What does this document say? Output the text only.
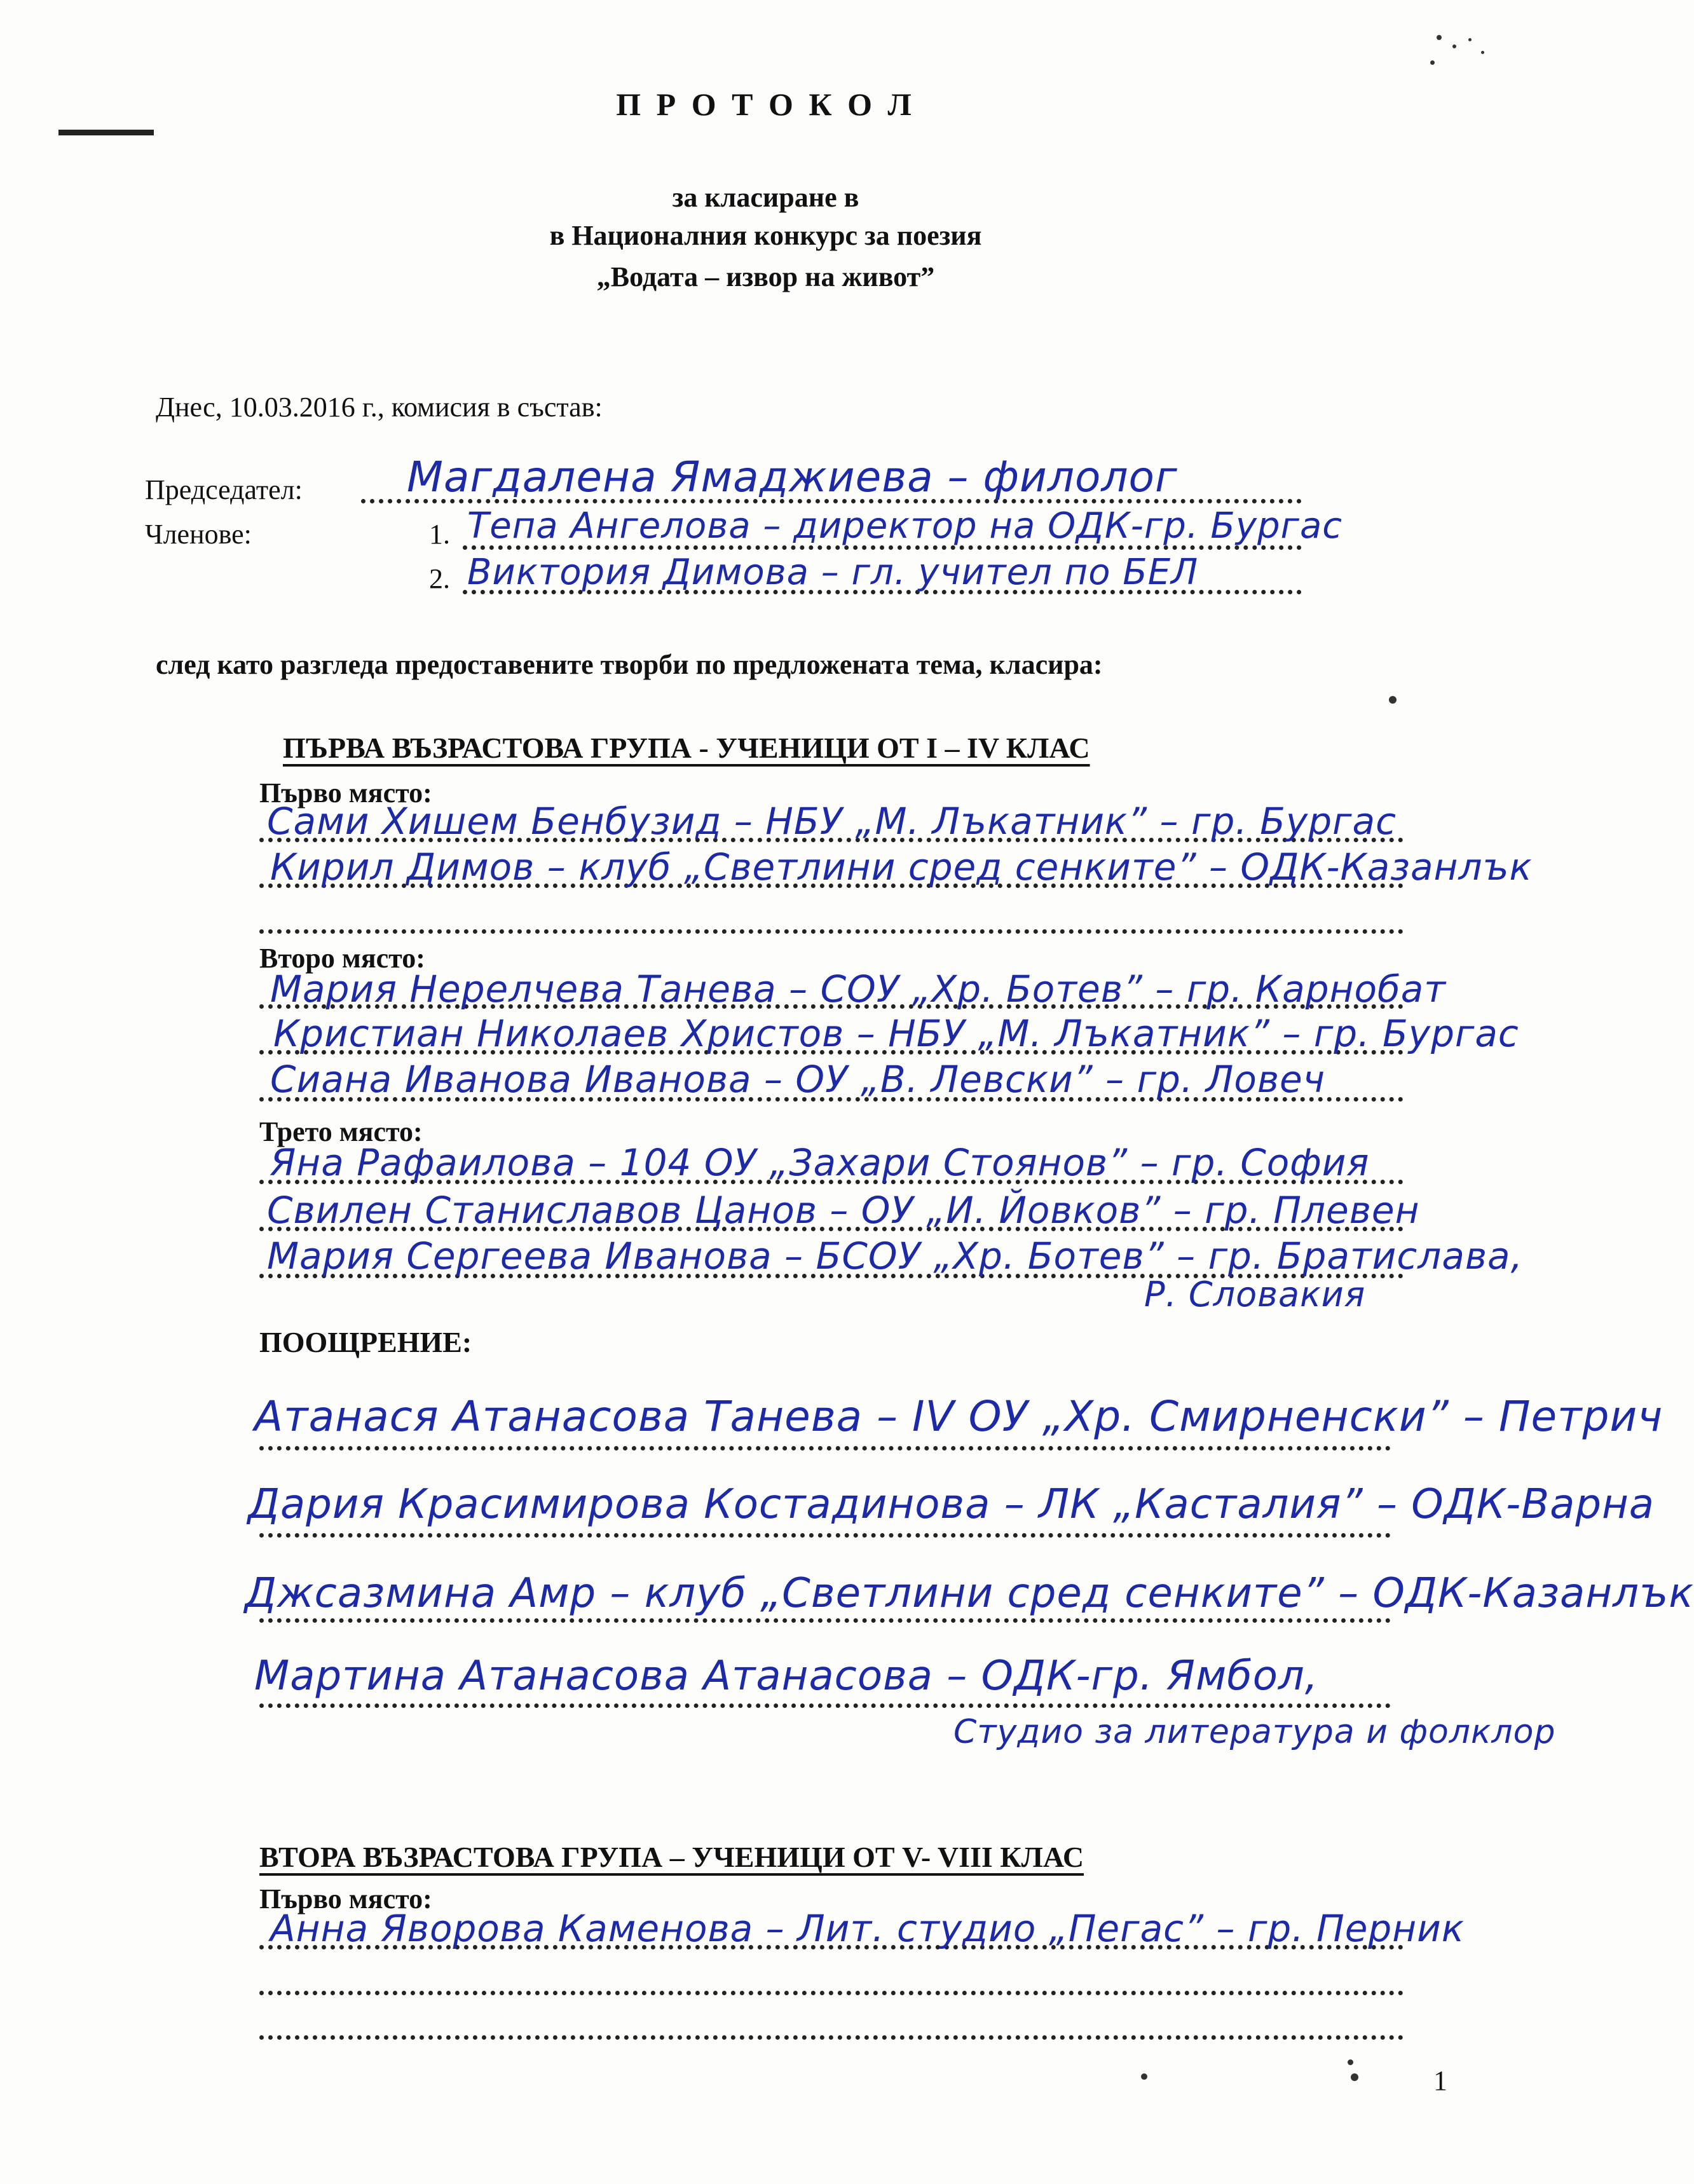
П Р О Т О К О Л
за класиране в
в Националния конкурс за поезия
„Водата – извор на живот”
Днес, 10.03.2016 г., комисия в състав:
Председател: Магдалена Ямаджиева – филолог
Членове:	1. Тепа Ангелова – директор на ОДК-гр. Бургас
2. Виктория Димова – гл. учител по БЕЛ
след като разгледа предоставените творби по предложената тема, класира:
ПЪРВА ВЪЗРАСТОВА ГРУПА - УЧЕНИЦИ ОТ I – IV КЛАС
Първо място:
Сами Хишем Бенбузид – НБУ „М. Лъкатник” – гр. Бургас
Кирил Димов – клуб „Светлини сред сенките” – ОДК-Казанлък
Второ място:
Мария Нерелчева Танева – СОУ „Хр. Ботев” – гр. Карнобат
Кристиан Николаев Христов – НБУ „М. Лъкатник” – гр. Бургас
Сиана Иванова Иванова – ОУ „В. Левски” – гр. Ловеч
Трето място:
Яна Рафаилова – 104 ОУ „Захари Стоянов” – гр. София
Свилен Станиславов Цанов – ОУ „И. Йовков” – гр. Плевен
Мария Сергеева Иванова – БСОУ „Хр. Ботев” – гр. Братислава,
Р. Словакия
ПООЩРЕНИЕ:
Атанася Атанасова Танева – IV ОУ „Хр. Смирненски” – Петрич
Дария Красимирова Костадинова – ЛК „Касталия” – ОДК-Варна
Джсазмина Амр – клуб „Светлини сред сенките” – ОДК-Казанлък
Мартина Атанасова Атанасова – ОДК-гр. Ямбол,
Студио за литература и фолклор
ВТОРА ВЪЗРАСТОВА ГРУПА – УЧЕНИЦИ ОТ V- VIII КЛАС
Първо място:
Анна Яворова Каменова – Лит. студио „Пегас” – гр. Перник
1
